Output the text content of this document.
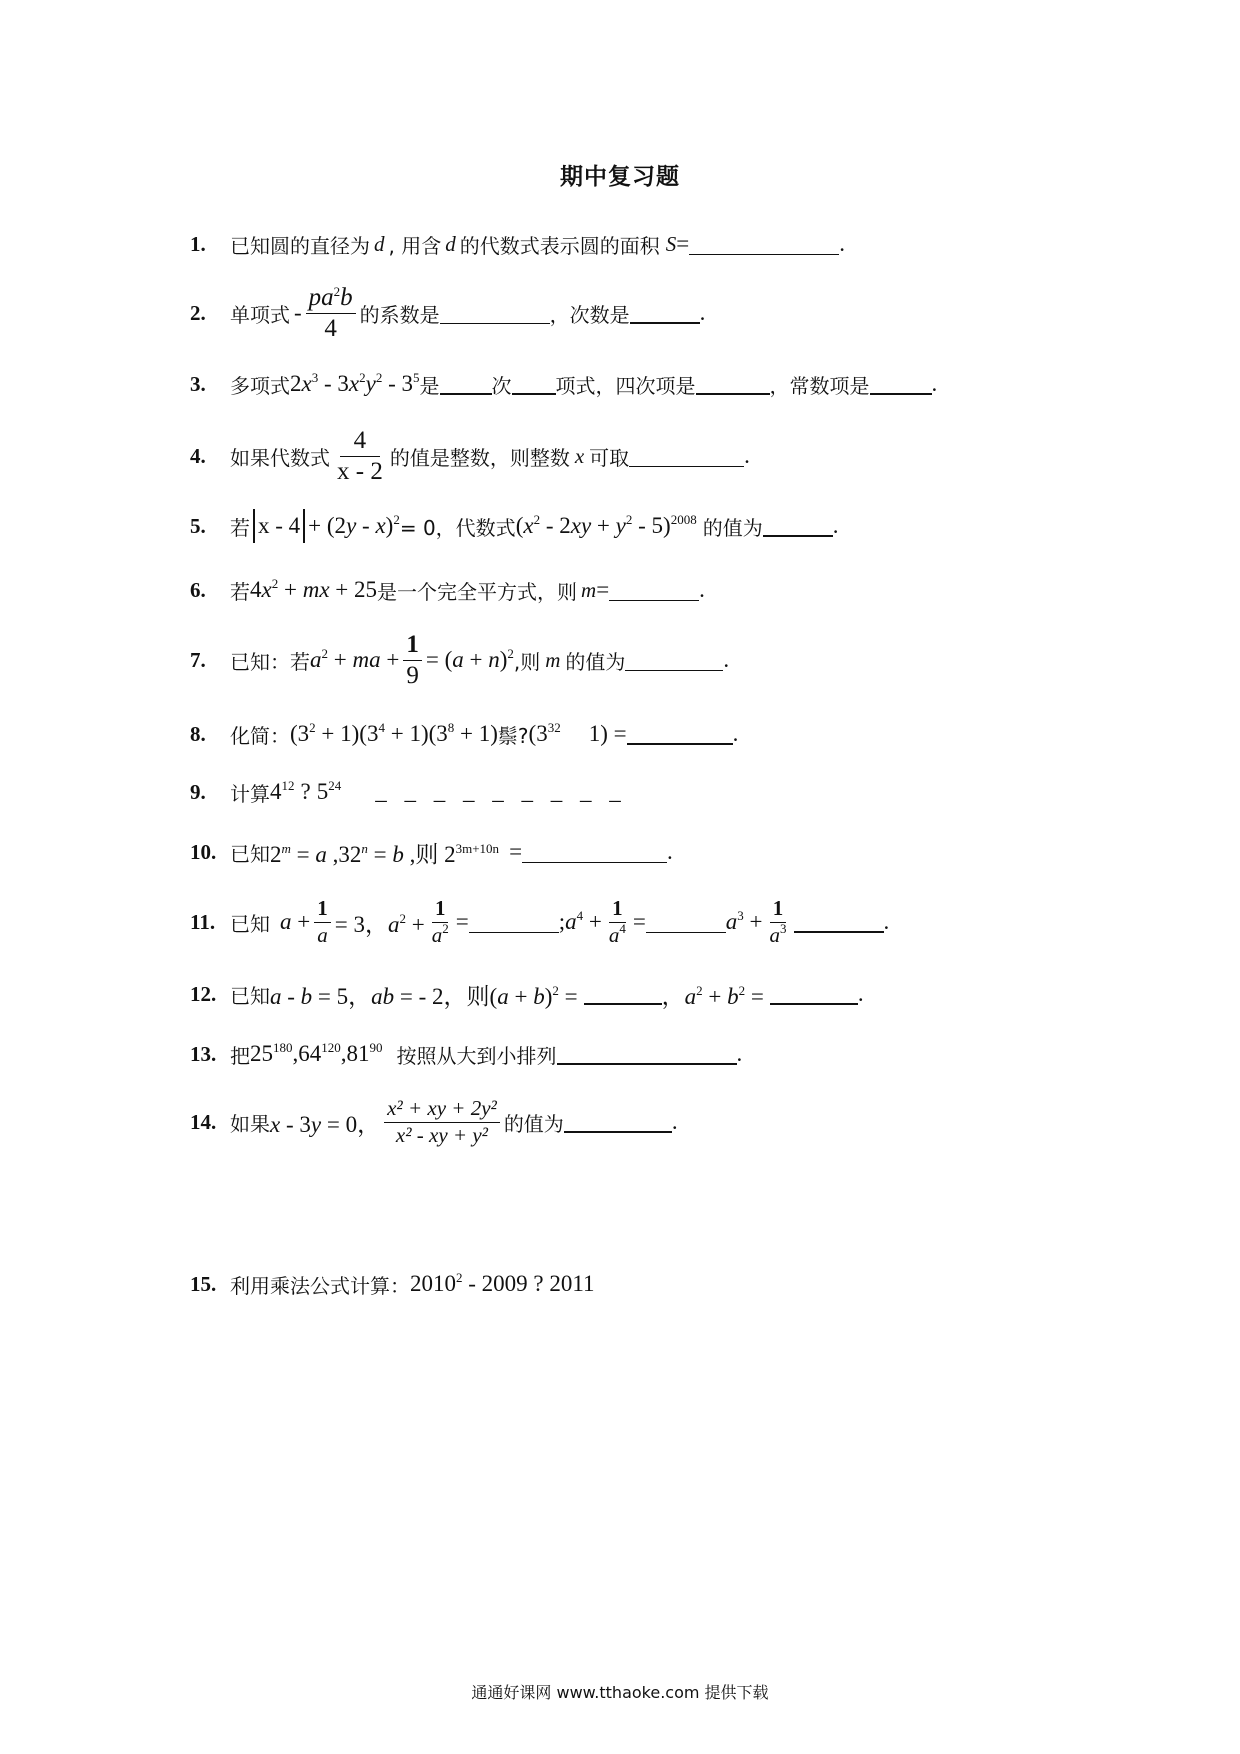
期中复习题
1.	已知圆的直径为 d , 用含 d 的代数式表示圆的面积 S =	.
2.	单项式 - $\frac{pa^2b}{4}$ 的系数是	，次数是	.
3.	多项式 $2x^3 - 3x^2y^2 - 3^5$ 是	次 项式，四次项是	，常数项是	.
4.	如果代数式 $\frac{4}{x - 2}$ 的值是整数，则整数 x 可取	.
5.	若 x - 4 + (2y - x)$^2$ = 0，代数式 $(x^2 - 2xy + y^2 - 5)^{2008}$ 的值为	.
6.	若 $4x^2$ + mx + 25 是一个完全平方式，则 m =	.
7.	已知：若 $a^2$ + ma + $\frac{1}{9} = (a + n)^2$ ,则 m 的值为	.
8.	化简： $(3^2 + 1)(3^4 + 1)(3^8 + 1)$ 鬃? ($3^{32}$ 1) =	.
9.	计算 $4^{12}$ ? $5^{24}$ _ _ _ _ _ _ _ _ _
10. 已知 $2^m = a$ $,32^n = b$ ,则 $2^{3m+10n}$ =	.
11. 已知 $a + \frac{1}{a} = 3$，$a^2 + \frac{1}{a^2}$ =	$;a^4 + \frac{1}{a^4}$ =	$a^3 + \frac{1}{a^3}$	.
12. 已知 a - b = 5，ab = - 2，则$(a + b)^2$ =	，$a^2 + b^2$ =	.
13. 把 $25^{180},64^{120},81^{90}$ 按照从大到小排列	.
14. 如果 x - 3y = 0， $\frac{\text{x² + xy + 2y²}}{\text{x² - xy + y²}}$ 的值为	.
15. 利用乘法公式计算： 2010$^2$ - 2009 ? 2011
通通好课网 www.tthaoke.com 提供下载
